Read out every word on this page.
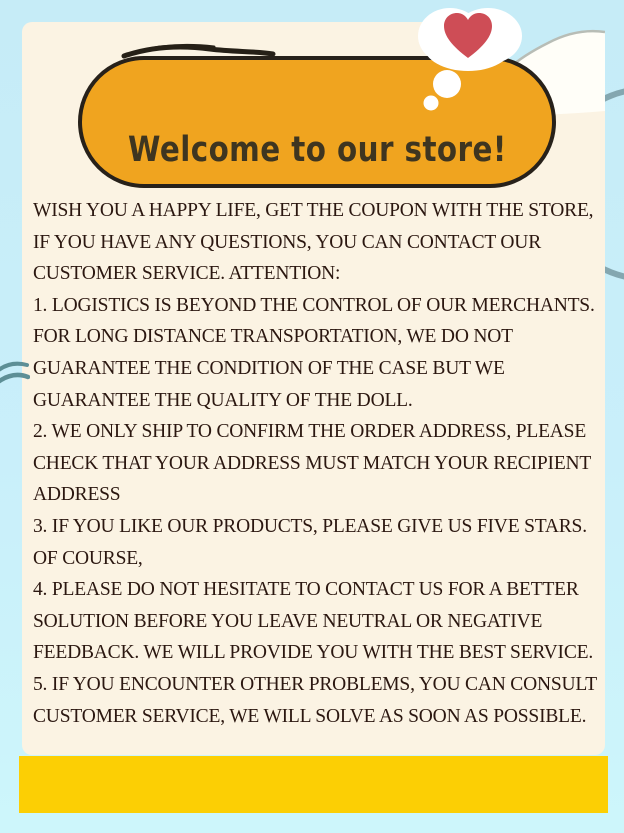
Welcome to our store!
WISH YOU A HAPPY LIFE, GET THE COUPON WITH THE STORE,
IF YOU HAVE ANY QUESTIONS, YOU CAN CONTACT OUR
CUSTOMER SERVICE. ATTENTION:
1. LOGISTICS IS BEYOND THE CONTROL OF OUR MERCHANTS.
FOR LONG DISTANCE TRANSPORTATION, WE DO NOT
GUARANTEE THE CONDITION OF THE CASE BUT WE
GUARANTEE THE QUALITY OF THE DOLL.
2. WE ONLY SHIP TO CONFIRM THE ORDER ADDRESS, PLEASE
CHECK THAT YOUR ADDRESS MUST MATCH YOUR RECIPIENT
ADDRESS
3. IF YOU LIKE OUR PRODUCTS, PLEASE GIVE US FIVE STARS.
OF COURSE,
4. PLEASE DO NOT HESITATE TO CONTACT US FOR A BETTER
SOLUTION BEFORE YOU LEAVE NEUTRAL OR NEGATIVE
FEEDBACK. WE WILL PROVIDE YOU WITH THE BEST SERVICE.
5. IF YOU ENCOUNTER OTHER PROBLEMS, YOU CAN CONSULT
CUSTOMER SERVICE, WE WILL SOLVE AS SOON AS POSSIBLE.
